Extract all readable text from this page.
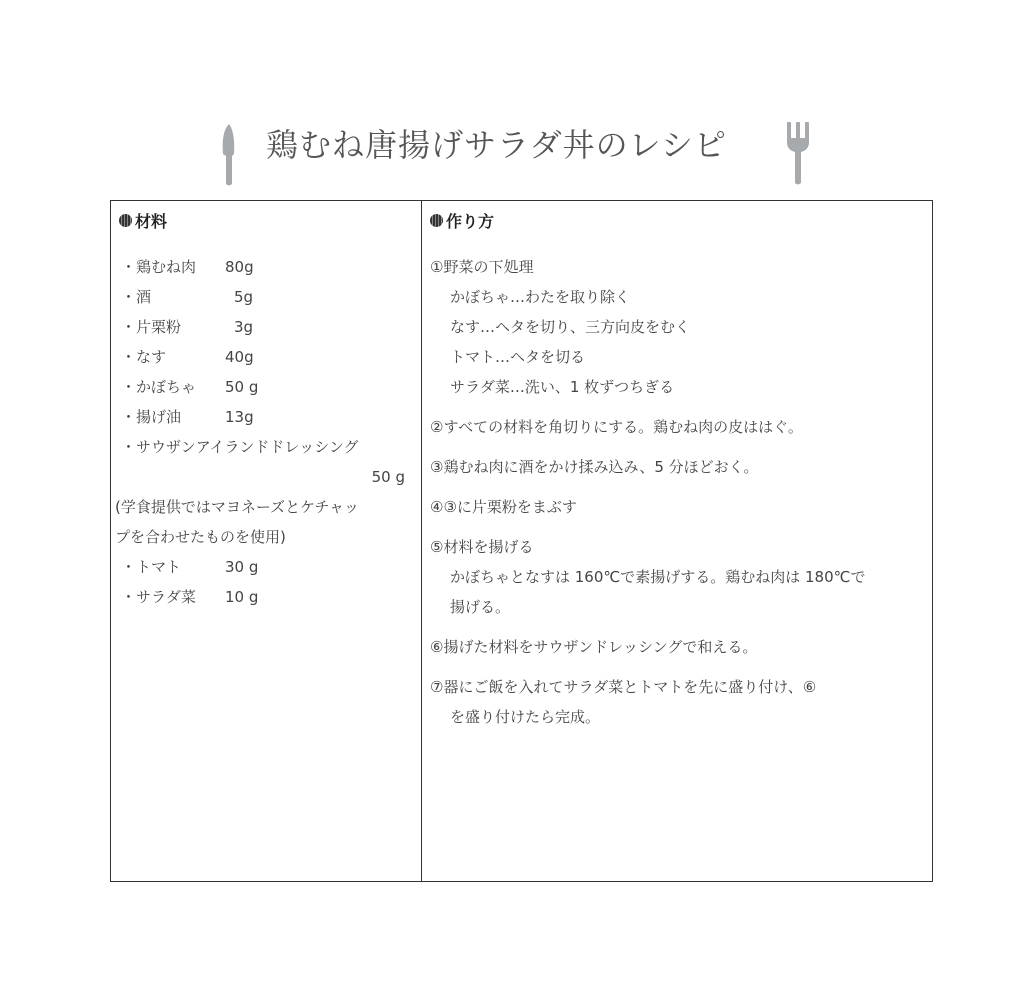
鶏むね唐揚げサラダ丼のレシピ
材料
・鶏むね肉 80g
・酒	5g
・片栗粉	3g
・なす	40g
・かぼちゃ 50 g
・揚げ油	13g
・サウザンアイランドドレッシング
50 g
(学食提供ではマヨネーズとケチャッ
プを合わせたものを使用)
・トマト	30 g
・サラダ菜 10 g
作り方
①野菜の下処理
かぼちゃ…わたを取り除く
なす…ヘタを切り、三方向皮をむく
トマト…ヘタを切る
サラダ菜…洗い、1 枚ずつちぎる
②すべての材料を角切りにする。鶏むね肉の皮ははぐ。
③鶏むね肉に酒をかけ揉み込み、5 分ほどおく。
④③に片栗粉をまぶす
⑤材料を揚げる
かぼちゃとなすは 160℃で素揚げする。鶏むね肉は 180℃で
揚げる。
⑥揚げた材料をサウザンドレッシングで和える。
⑦器にご飯を入れてサラダ菜とトマトを先に盛り付け、⑥
を盛り付けたら完成。
